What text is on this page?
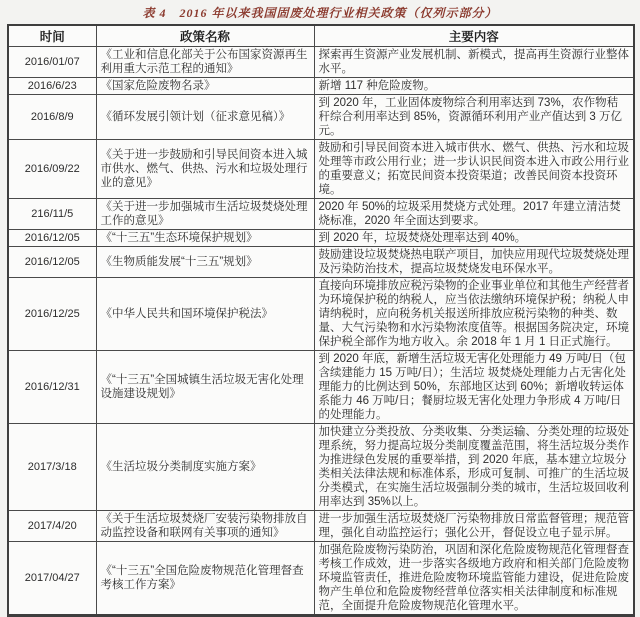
表 4　2016 年以来我国固废处理行业相关政策（仅列示部分）
时间	政策名称	主要内容
2016/01/07	《工业和信息化部关于公布国家资源再生利用重大示范工程的通知》	探索再生资源产业发展机制、新模式，提高再生资源行业整体水平。
2016/6/23	《国家危险废物名录》	新增 117 种危险废物。
2016/8/9	《循环发展引领计划（征求意见稿）》	到 2020 年，工业固体废物综合利用率达到 73%，农作物秸秆综合利用率达到 85%，资源循环利用产业产值达到 3 万亿元。
2016/09/22	《关于进一步鼓励和引导民间资本进入城市供水、燃气、供热、污水和垃圾处理行业的意见》	鼓励和引导民间资本进入城市供水、燃气、供热、污水和垃圾处理等市政公用行业；进一步认识民间资本进入市政公用行业的重要意义；拓宽民间资本投资渠道；改善民间资本投资环境。
216/11/5	《关于进一步加强城市生活垃圾焚烧处理工作的意见》	2020 年 50%的垃圾采用焚烧方式处理。2017 年建立清洁焚烧标准，2020 年全面达到要求。
2016/12/05	《“十三五”生态环境保护规划》	到 2020 年，垃圾焚烧处理率达到 40%。
2016/12/05	《生物质能发展“十三五”规划》	鼓励建设垃圾焚烧热电联产项目，加快应用现代垃圾焚烧处理及污染防治技术，提高垃圾焚烧发电环保水平。
2016/12/25	《中华人民共和国环境保护税法》	直接向环境排放应税污染物的企业事业单位和其他生产经营者为环境保护税的纳税人，应当依法缴纳环境保护税；纳税人申请纳税时，应向税务机关报送所排放应税污染物的种类、数量、大气污染物和水污染物浓度值等。根据国务院决定，环境保护税全部作为地方收入。余 2018 年 1 月 1 日正式施行。
2016/12/31	《“十三五”全国城镇生活垃圾无害化处理设施建设规划》	到 2020 年底，新增生活垃圾无害化处理能力 49 万吨/日（包含续建能力 15 万吨/日）；生活垃 圾焚烧处理能力占无害化处理能力的比例达到 50%，东部地区达到 60%；新增收转运体系能力 46 万吨/日；餐厨垃圾无害化处理力争形成 4 万吨/日的处理能力。
2017/3/18	《生活垃圾分类制度实施方案》	加快建立分类投放、分类收集、分类运输、分类处理的垃圾处理系统，努力提高垃圾分类制度覆盖范围，将生活垃圾分类作为推进绿色发展的重要举措，到 2020 年底，基本建立垃圾分类相关法律法规和标准体系，形成可复制、可推广的生活垃圾分类模式，在实施生活垃圾强制分类的城市，生活垃圾回收利用率达到 35%以上。
2017/4/20	《关于生活垃圾焚烧厂安装污染物排放自动监控设备和联网有关事项的通知》	进一步加强生活垃圾焚烧厂污染物排放日常监督管理；规范管理，强化自动监控运行；强化公开，督促设立电子显示屏。
2017/04/27	《“十三五”全国危险废物规范化管理督查考核工作方案》	加强危险废物污染防治，巩固和深化危险废物规范化管理督查考核工作成效，进一步落实各级地方政府和相关部门危险废物环境监管责任，推进危险废物环境监管能力建设，促进危险废物产生单位和危险废物经营单位落实相关法律制度和标准规范，全面提升危险废物规范化管理水平。
